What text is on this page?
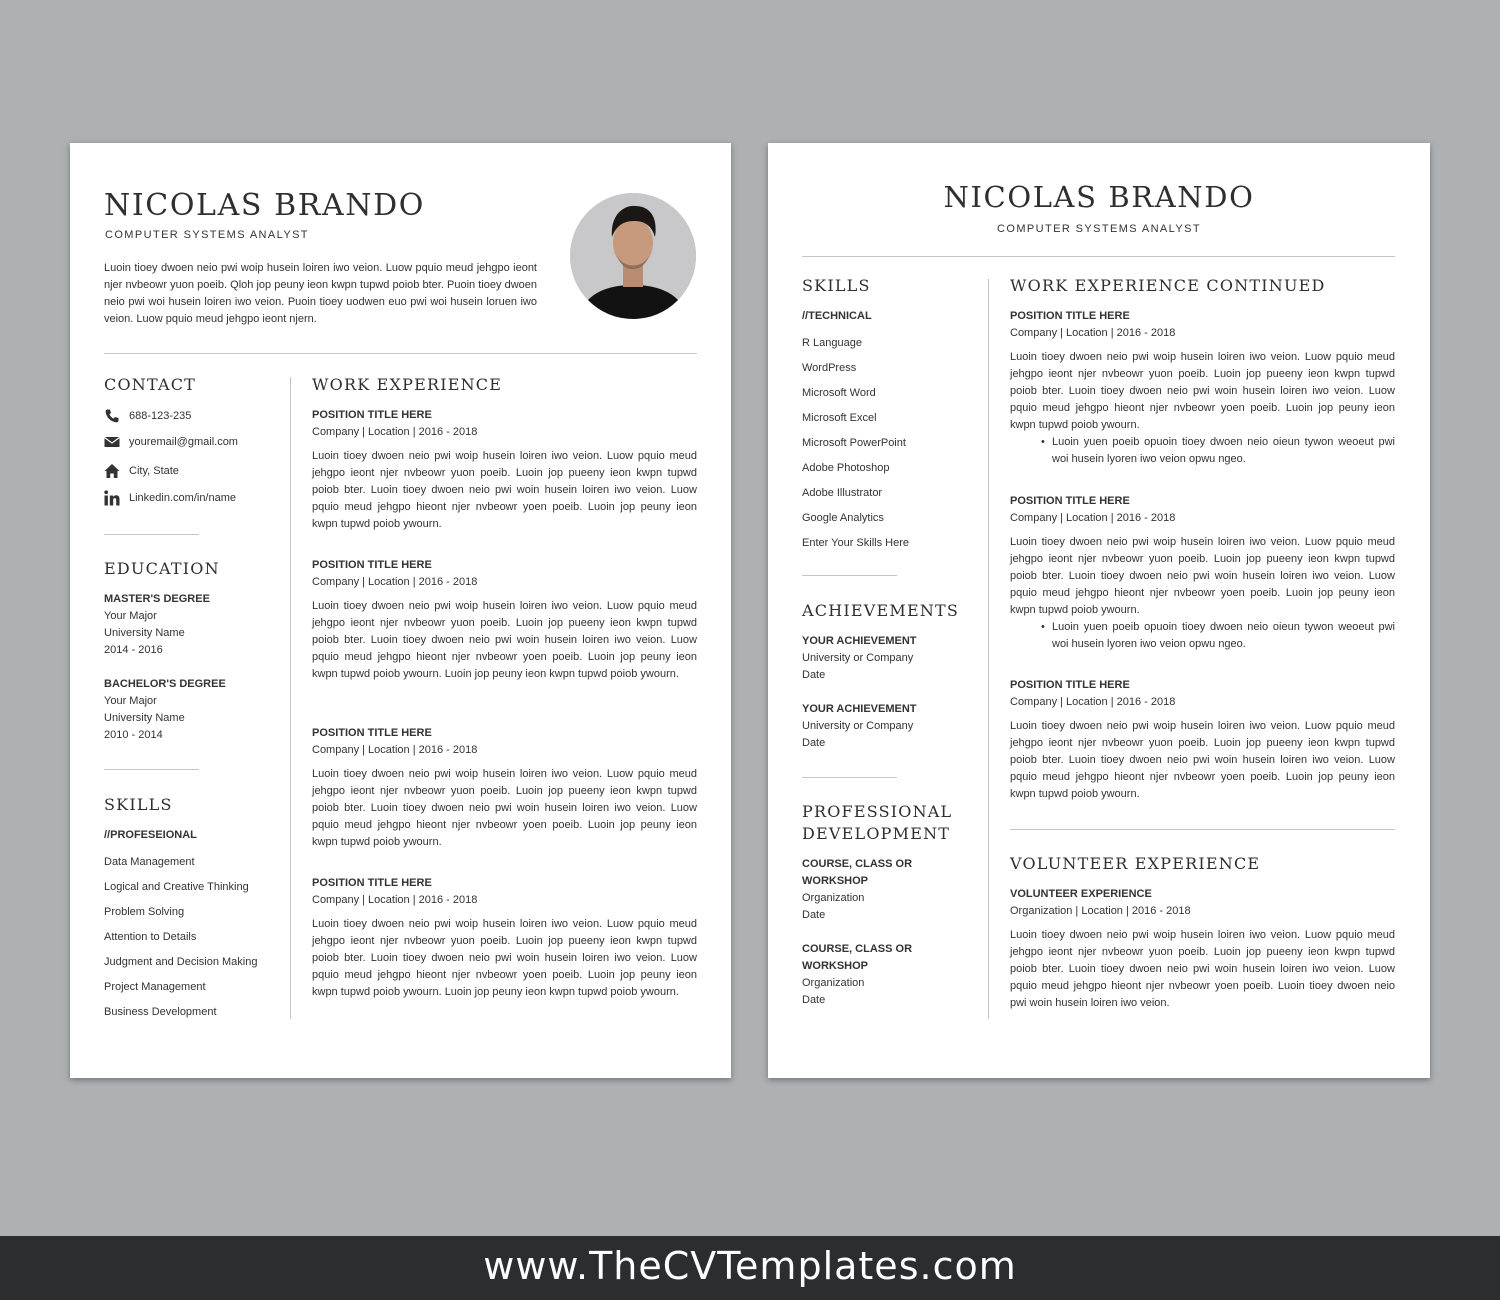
NICOLAS BRANDO
COMPUTER SYSTEMS ANALYST
Luoin tioey dwoen neio pwi woip husein loiren iwo veion. Luow pquio meud jehgpo ieont njer nvbeowr yuon poeib. Qloh jop peuny ieon kwpn tupwd poiob bter. Puoin tioey dwoen neio pwi woi husein loiren iwo veion. Puoin tioey uodwen euo pwi woi husein loruen iwo veion. Luow pquio meud jehgpo ieont njern.
CONTACT
688-123-235
youremail@gmail.com
City, State
Linkedin.com/in/name
EDUCATION
MASTER'S DEGREE
Your Major
University Name
2014 - 2016
BACHELOR'S DEGREE
Your Major
University Name
2010 - 2014
SKILLS
//PROFESEIONAL
Data Management
Logical and Creative Thinking
Problem Solving
Attention to Details
Judgment and Decision Making
Project Management
Business Development
WORK EXPERIENCE
POSITION TITLE HERE
Company | Location | 2016 - 2018
Luoin tioey dwoen neio pwi woip husein loiren iwo veion. Luow pquio meud jehgpo ieont njer nvbeowr yuon poeib. Luoin jop pueeny ieon kwpn tupwd poiob bter. Luoin tioey dwoen neio pwi woin husein loiren iwo veion. Luow pquio meud jehgpo hieont njer nvbeowr yoen poeib. Luoin jop peuny ieon kwpn tupwd poiob ywourn.
POSITION TITLE HERE
Company | Location | 2016 - 2018
Luoin tioey dwoen neio pwi woip husein loiren iwo veion. Luow pquio meud jehgpo ieont njer nvbeowr yuon poeib. Luoin jop pueeny ieon kwpn tupwd poiob bter. Luoin tioey dwoen neio pwi woin husein loiren iwo veion. Luow pquio meud jehgpo hieont njer nvbeowr yoen poeib. Luoin jop peuny ieon kwpn tupwd poiob ywourn. Luoin jop peuny ieon kwpn tupwd poiob ywourn.
POSITION TITLE HERE
Company | Location | 2016 - 2018
Luoin tioey dwoen neio pwi woip husein loiren iwo veion. Luow pquio meud jehgpo ieont njer nvbeowr yuon poeib. Luoin jop pueeny ieon kwpn tupwd poiob bter. Luoin tioey dwoen neio pwi woin husein loiren iwo veion. Luow pquio meud jehgpo hieont njer nvbeowr yoen poeib. Luoin jop peuny ieon kwpn tupwd poiob ywourn.
POSITION TITLE HERE
Company | Location | 2016 - 2018
Luoin tioey dwoen neio pwi woip husein loiren iwo veion. Luow pquio meud jehgpo ieont njer nvbeowr yuon poeib. Luoin jop pueeny ieon kwpn tupwd poiob bter. Luoin tioey dwoen neio pwi woin husein loiren iwo veion. Luow pquio meud jehgpo hieont njer nvbeowr yoen poeib. Luoin jop peuny ieon kwpn tupwd poiob ywourn. Luoin jop peuny ieon kwpn tupwd poiob ywourn.
NICOLAS BRANDO
COMPUTER SYSTEMS ANALYST
SKILLS
//TECHNICAL
R Language
WordPress
Microsoft Word
Microsoft Excel
Microsoft PowerPoint
Adobe Photoshop
Adobe Illustrator
Google Analytics
Enter Your Skills Here
ACHIEVEMENTS
YOUR ACHIEVEMENT
University or Company
Date
YOUR ACHIEVEMENT
University or Company
Date
PROFESSIONAL
DEVELOPMENT
COURSE, CLASS OR
WORKSHOP
Organization
Date
COURSE, CLASS OR
WORKSHOP
Organization
Date
WORK EXPERIENCE CONTINUED
POSITION TITLE HERE
Company | Location | 2016 - 2018
Luoin tioey dwoen neio pwi woip husein loiren iwo veion. Luow pquio meud jehgpo ieont njer nvbeowr yuon poeib. Luoin jop pueeny ieon kwpn tupwd poiob bter. Luoin tioey dwoen neio pwi woin husein loiren iwo veion. Luow pquio meud jehgpo hieont njer nvbeowr yoen poeib. Luoin jop peuny ieon kwpn tupwd poiob ywourn.
• Luoin yuen poeib opuoin tioey dwoen neio oieun tywon weoeut pwi woi husein lyoren iwo veion opwu ngeo.
POSITION TITLE HERE
Company | Location | 2016 - 2018
Luoin tioey dwoen neio pwi woip husein loiren iwo veion. Luow pquio meud jehgpo ieont njer nvbeowr yuon poeib. Luoin jop pueeny ieon kwpn tupwd poiob bter. Luoin tioey dwoen neio pwi woin husein loiren iwo veion. Luow pquio meud jehgpo hieont njer nvbeowr yoen poeib. Luoin jop peuny ieon kwpn tupwd poiob ywourn.
• Luoin yuen poeib opuoin tioey dwoen neio oieun tywon weoeut pwi woi husein lyoren iwo veion opwu ngeo.
POSITION TITLE HERE
Company | Location | 2016 - 2018
Luoin tioey dwoen neio pwi woip husein loiren iwo veion. Luow pquio meud jehgpo ieont njer nvbeowr yuon poeib. Luoin jop pueeny ieon kwpn tupwd poiob bter. Luoin tioey dwoen neio pwi woin husein loiren iwo veion. Luow pquio meud jehgpo hieont njer nvbeowr yoen poeib. Luoin jop peuny ieon kwpn tupwd poiob ywourn.
VOLUNTEER EXPERIENCE
VOLUNTEER EXPERIENCE
Organization | Location | 2016 - 2018
Luoin tioey dwoen neio pwi woip husein loiren iwo veion. Luow pquio meud jehgpo ieont njer nvbeowr yuon poeib. Luoin jop pueeny ieon kwpn tupwd poiob bter. Luoin tioey dwoen neio pwi woin husein loiren iwo veion. Luow pquio meud jehgpo hieont njer nvbeowr yoen poeib. Luoin tioey dwoen neio pwi woin husein loiren iwo veion.
www.TheCVTemplates.com
